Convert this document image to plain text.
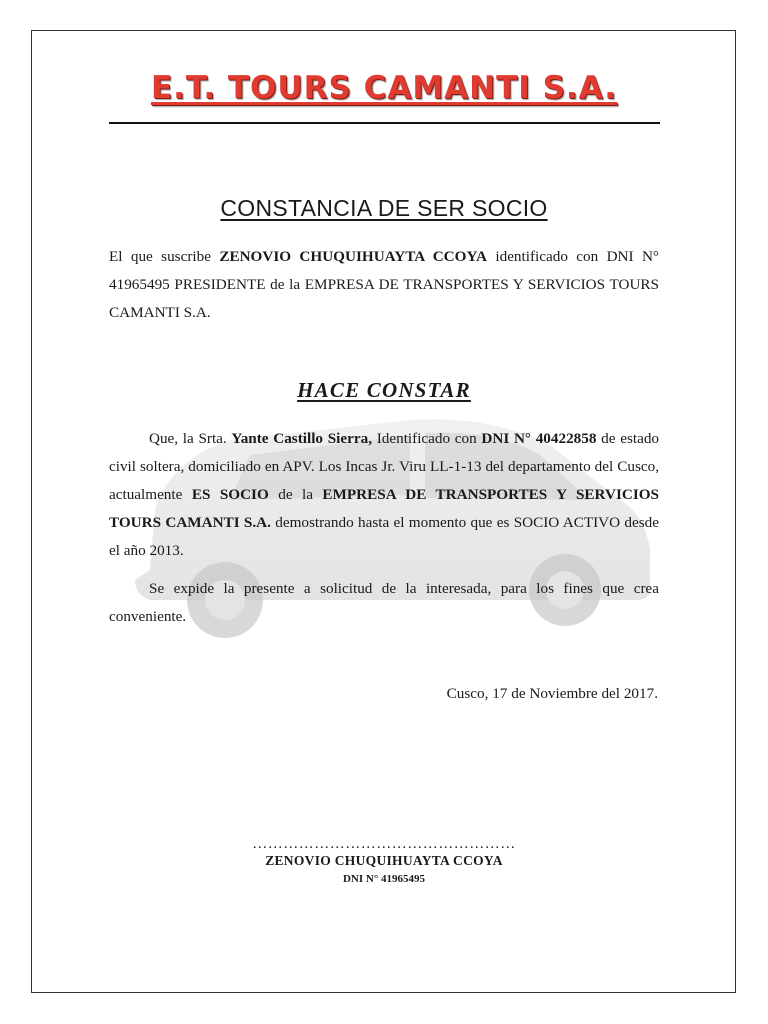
E.T. TOURS CAMANTI S.A.
CONSTANCIA DE SER SOCIO
El que suscribe ZENOVIO CHUQUIHUAYTA CCOYA identificado con DNI N° 41965495 PRESIDENTE de la EMPRESA DE TRANSPORTES Y SERVICIOS TOURS CAMANTI S.A.
HACE CONSTAR
Que, la Srta. Yante Castillo Sierra, Identificado con DNI N° 40422858 de estado civil soltera, domiciliado en APV. Los Incas Jr. Viru LL-1-13 del departamento del Cusco, actualmente ES SOCIO de la EMPRESA DE TRANSPORTES Y SERVICIOS TOURS CAMANTI S.A. demostrando hasta el momento que es SOCIO ACTIVO desde el año 2013.
Se expide la presente a solicitud de la interesada, para los fines que crea conveniente.
Cusco, 17 de Noviembre del 2017.
……………………………………………
ZENOVIO CHUQUIHUAYTA CCOYA
DNI N° 41965495
